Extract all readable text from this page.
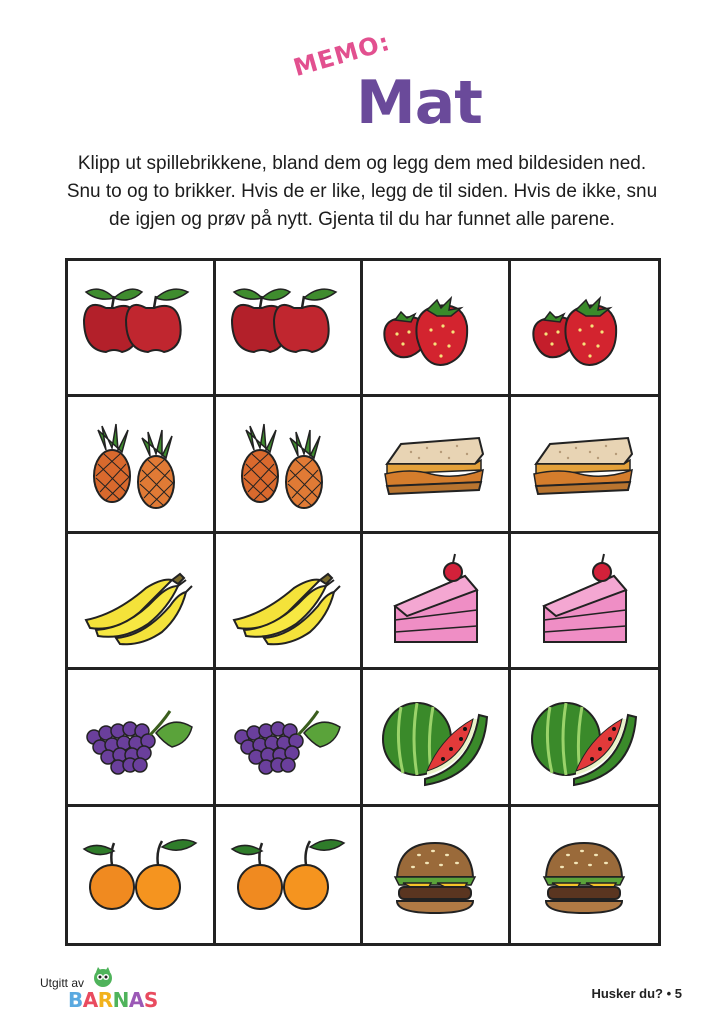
MEMO:
Mat
Klipp ut spillebrikkene, bland dem og legg dem med bildesiden ned.
Snu to og to brikker. Hvis de er like, legg de til siden. Hvis de ikke, snu
de igjen og prøv på nytt. Gjenta til du har funnet alle parene.
Utgitt av
BARNAS	Husker du? • 5
